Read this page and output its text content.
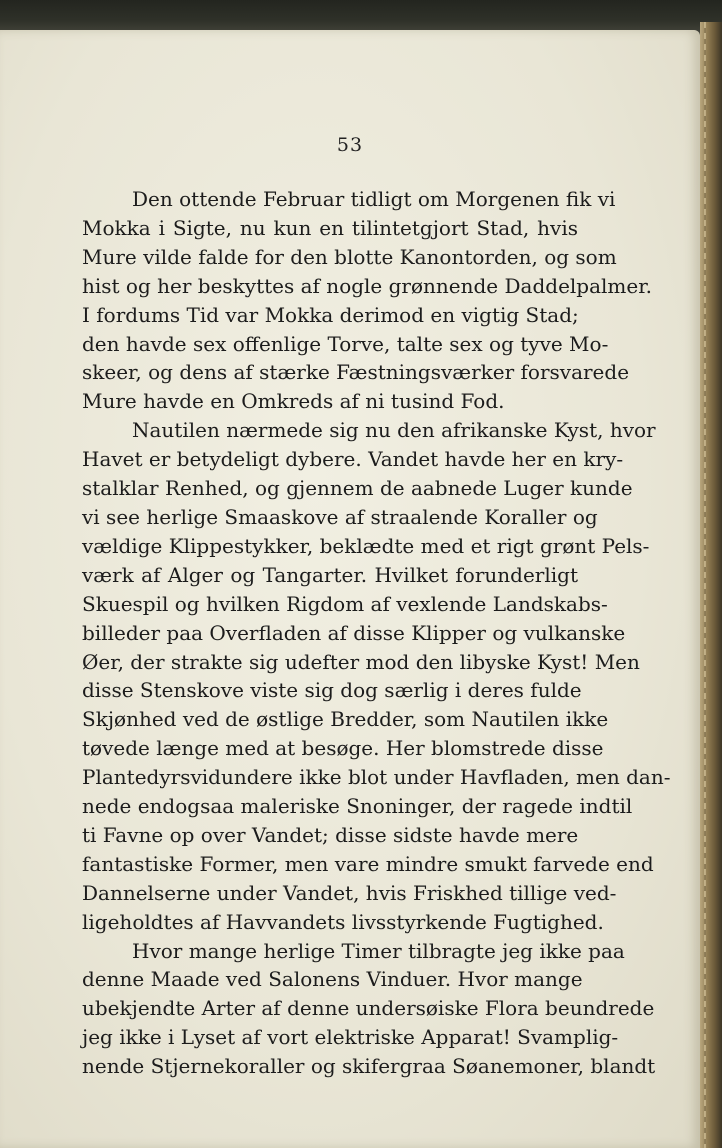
53
Den ottende Februar tidligt om Morgenen fik vi
Mokka i Sigte, nu kun en tilintetgjort Stad, hvis
Mure vilde falde for den blotte Kanontorden, og som
hist og her beskyttes af nogle grønnende Daddelpalmer.
I fordums Tid var Mokka derimod en vigtig Stad;
den havde sex offenlige Torve, talte sex og tyve Mo-
skeer, og dens af stærke Fæstningsværker forsvarede
Mure havde en Omkreds af ni tusind Fod.
Nautilen nærmede sig nu den afrikanske Kyst, hvor
Havet er betydeligt dybere. Vandet havde her en kry-
stalklar Renhed, og gjennem de aabnede Luger kunde
vi see herlige Smaaskove af straalende Koraller og
vældige Klippestykker, beklædte med et rigt grønt Pels-
værk af Alger og Tangarter. Hvilket forunderligt
Skuespil og hvilken Rigdom af vexlende Landskabs-
billeder paa Overfladen af disse Klipper og vulkanske
Øer, der strakte sig udefter mod den libyske Kyst! Men
disse Stenskove viste sig dog særlig i deres fulde
Skjønhed ved de østlige Bredder, som Nautilen ikke
tøvede længe med at besøge. Her blomstrede disse
Plantedyrsvidundere ikke blot under Havfladen, men dan-
nede endogsaa maleriske Snoninger, der ragede indtil
ti Favne op over Vandet; disse sidste havde mere
fantastiske Former, men vare mindre smukt farvede end
Dannelserne under Vandet, hvis Friskhed tillige ved-
ligeholdtes af Havvandets livsstyrkende Fugtighed.
Hvor mange herlige Timer tilbragte jeg ikke paa
denne Maade ved Salonens Vinduer. Hvor mange
ubekjendte Arter af denne undersøiske Flora beundrede
jeg ikke i Lyset af vort elektriske Apparat! Svamplig-
nende Stjernekoraller og skifergraa Søanemoner, blandt
